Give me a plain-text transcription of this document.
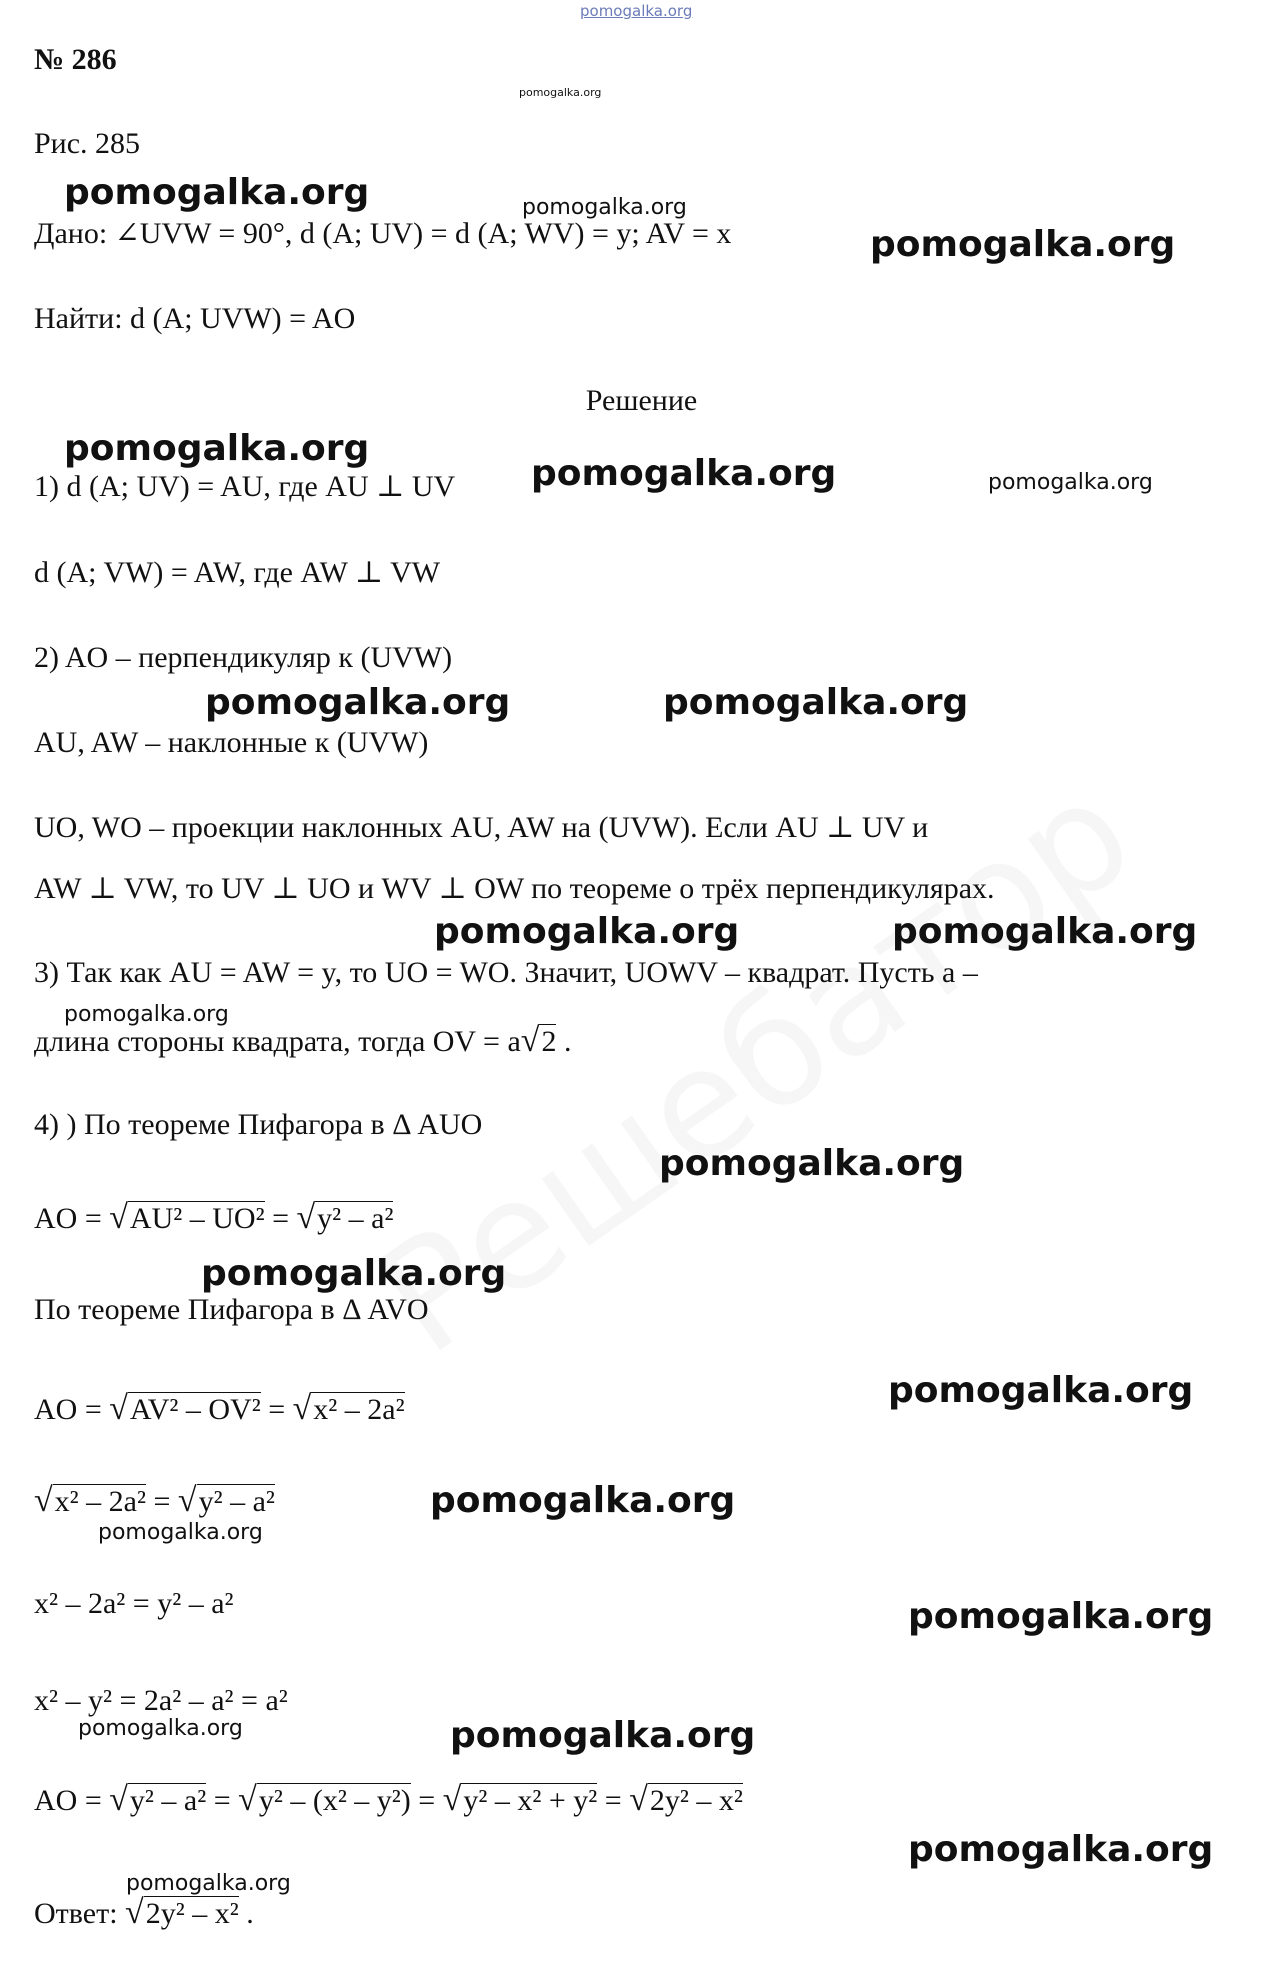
pomogalka.org
№ 286
pomogalka.org
Рис. 285
pomogalka.org	pomogalka.org
Дано: ∠UVW = 90°, d (A; UV) = d (A; WV) = y; AV = x	pomogalka.org
Найти: d (A; UVW) = AO
Решение
pomogalka.org
1) d (A; UV) = AU, где AU ⊥ UV pomogalka.org	pomogalka.org
d (A; VW) = AW, где AW ⊥ VW
2) AO – перпендикуляр к (UVW)
pomogalka.org	pomogalka.org
AU, AW – наклонные к (UVW)
UO, WO – проекции наклонных AU, AW на (UVW). Если AU ⊥ UV и
AW ⊥ VW, то UV ⊥ UO и WV ⊥ OW по теореме о трёх перпендикулярах.
pomogalka.org	pomogalka.org
3) Так как AU = AW = y, то UO = WO. Значит, UOWV – квадрат. Пусть a –
pomogalka.org
длина стороны квадрата, тогда OV = a√2 .
4) ) По теореме Пифагора в Δ AUO
pomogalka.org
AO = √AU² – UO² = √y² – a²
pomogalka.org
По теореме Пифагора в Δ AVO
AO = √AV² – OV² = √x² – 2a²	pomogalka.org
√x² – 2a² = √y² – a²	pomogalka.org
pomogalka.org
x² – 2a² = y² – a²	pomogalka.org
x² – y² = 2a² – a² = a²
pomogalka.org	pomogalka.org
AO = √y² – a² = √y² – (x² – y²) = √y² – x² + y² = √2y² – x²
pomogalka.org
pomogalka.org
Ответ: √2y² – x² .
